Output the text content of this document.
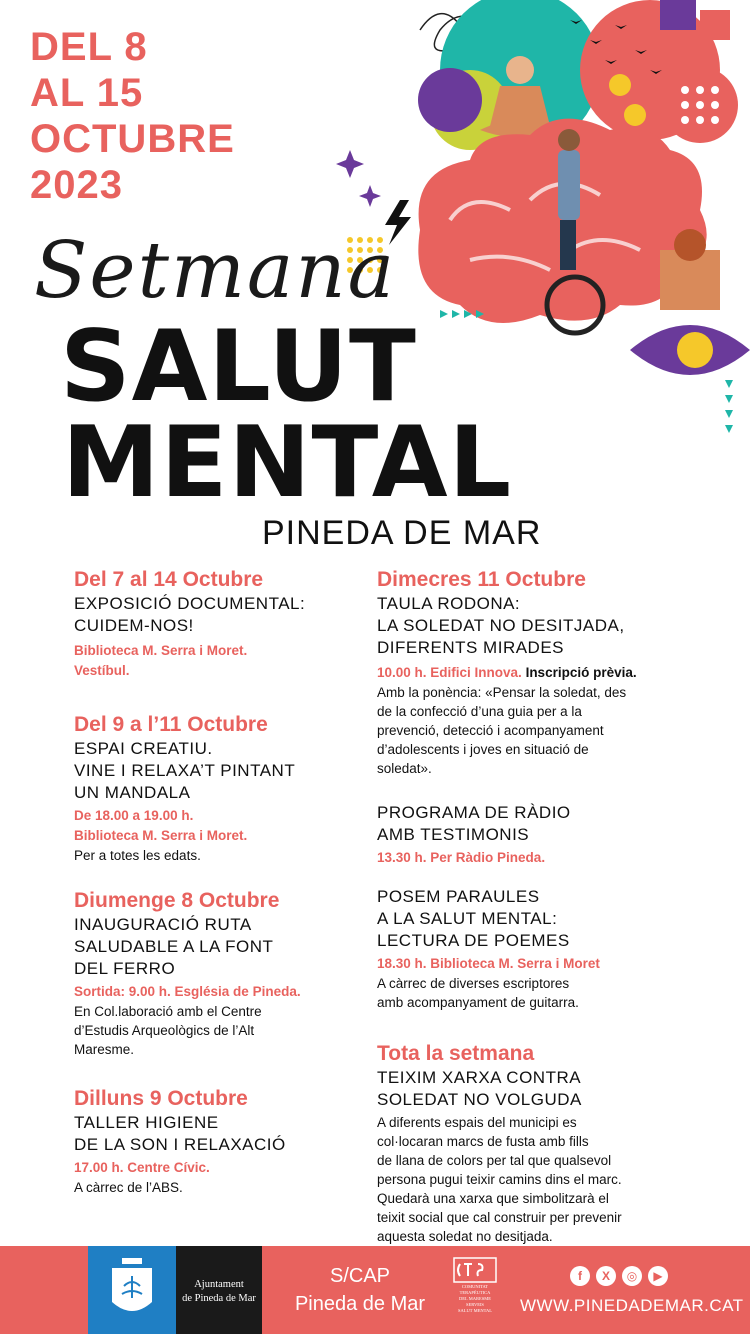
DEL 8
AL 15
OCTUBRE
2023
Setmana
SALUT
MENTAL
PINEDA DE MAR
Del 7 al 14 Octubre
EXPOSICIÓ DOCUMENTAL:
CUIDEM-NOS!
Biblioteca M. Serra i Moret.
Vestíbul.
Del 9 a l’11 Octubre
ESPAI CREATIU.
VINE I RELAXA’T PINTANT
UN MANDALA
De 18.00 a 19.00 h.
Biblioteca M. Serra i Moret.
Per a totes les edats.
Diumenge 8 Octubre
INAUGURACIÓ RUTA
SALUDABLE A LA FONT
DEL FERRO
Sortida: 9.00 h. Església de Pineda.
En Col.laboració amb el Centre
d’Estudis Arqueològics de l’Alt
Maresme.
Dilluns 9 Octubre
TALLER HIGIENE
DE LA SON I RELAXACIÓ
17.00 h. Centre Cívic.
A càrrec de l’ABS.
Dimecres 11 Octubre
TAULA RODONA:
LA SOLEDAT NO DESITJADA,
DIFERENTS MIRADES
10.00 h. Edifici Innova. Inscripció prèvia.
Amb la ponència: «Pensar la soledat, des
de la confecció d’una guia per a la
prevenció, detecció i acompanyament
d’adolescents i joves en situació de
soledat».
PROGRAMA DE RÀDIO
AMB TESTIMONIS
13.30 h. Per Ràdio Pineda.
POSEM PARAULES
A LA SALUT MENTAL:
LECTURA DE POEMES
18.30 h. Biblioteca M. Serra i Moret
A càrrec de diverses escriptores
amb acompanyament de guitarra.
Tota la setmana
TEIXIM XARXA CONTRA
SOLEDAT NO VOLGUDA
A diferents espais del municipi es
col·locaran marcs de fusta amb fills
de llana de colors per tal que qualsevol
persona pugui teixir camins dins el marc.
Quedarà una xarxa que simbolitzarà el
teixit social que cal construir per prevenir
aquesta soledat no desitjada.
Ajuntament
de Pineda de Mar
S/CAP
Pineda de Mar
COMUNITAT
TERAPÈUTICA
DEL MARESME
SERVEIS
SALUT MENTAL
f	X	◎	▶
WWW.PINEDADEMAR.CAT
